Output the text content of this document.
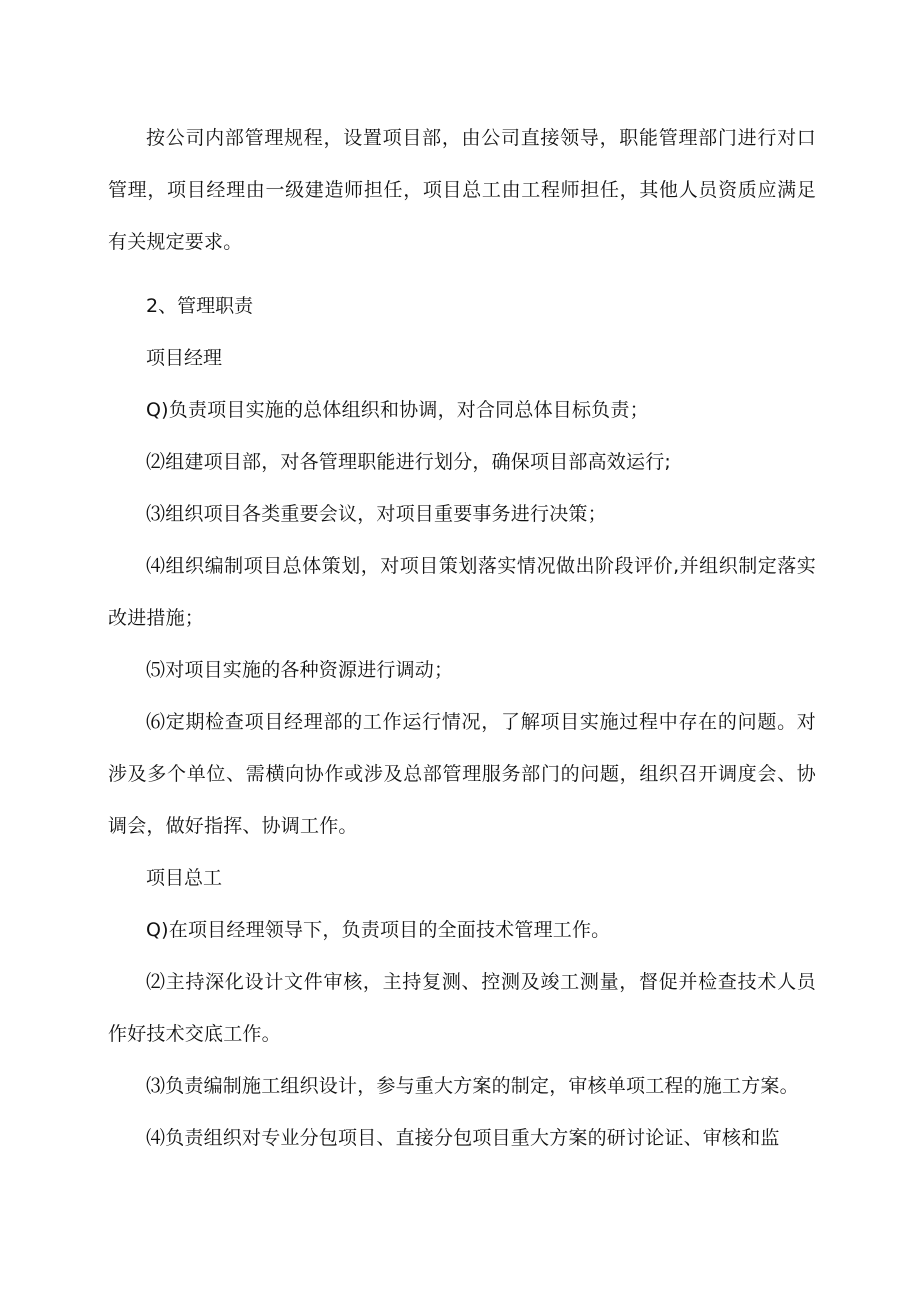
按公司内部管理规程，设置项目部，由公司直接领导，职能管理部门进行对口管理，项目经理由一级建造师担任，项目总工由工程师担任，其他人员资质应满足有关规定要求。

2、管理职责

项目经理

Q)负责项目实施的总体组织和协调，对合同总体目标负责；

⑵组建项目部，对各管理职能进行划分，确保项目部高效运行;

⑶组织项目各类重要会议，对项目重要事务进行决策；

⑷组织编制项目总体策划，对项目策划落实情况做出阶段评价,并组织制定落实改进措施；

⑸对项目实施的各种资源进行调动；

⑹定期检查项目经理部的工作运行情况，了解项目实施过程中存在的问题。对涉及多个单位、需横向协作或涉及总部管理服务部门的问题，组织召开调度会、协调会，做好指挥、协调工作。

项目总工

Q)在项目经理领导下，负责项目的全面技术管理工作。

⑵主持深化设计文件审核，主持复测、控测及竣工测量，督促并检查技术人员作好技术交底工作。

⑶负责编制施工组织设计，参与重大方案的制定，审核单项工程的施工方案。

⑷负责组织对专业分包项目、直接分包项目重大方案的研讨论证、审核和监
